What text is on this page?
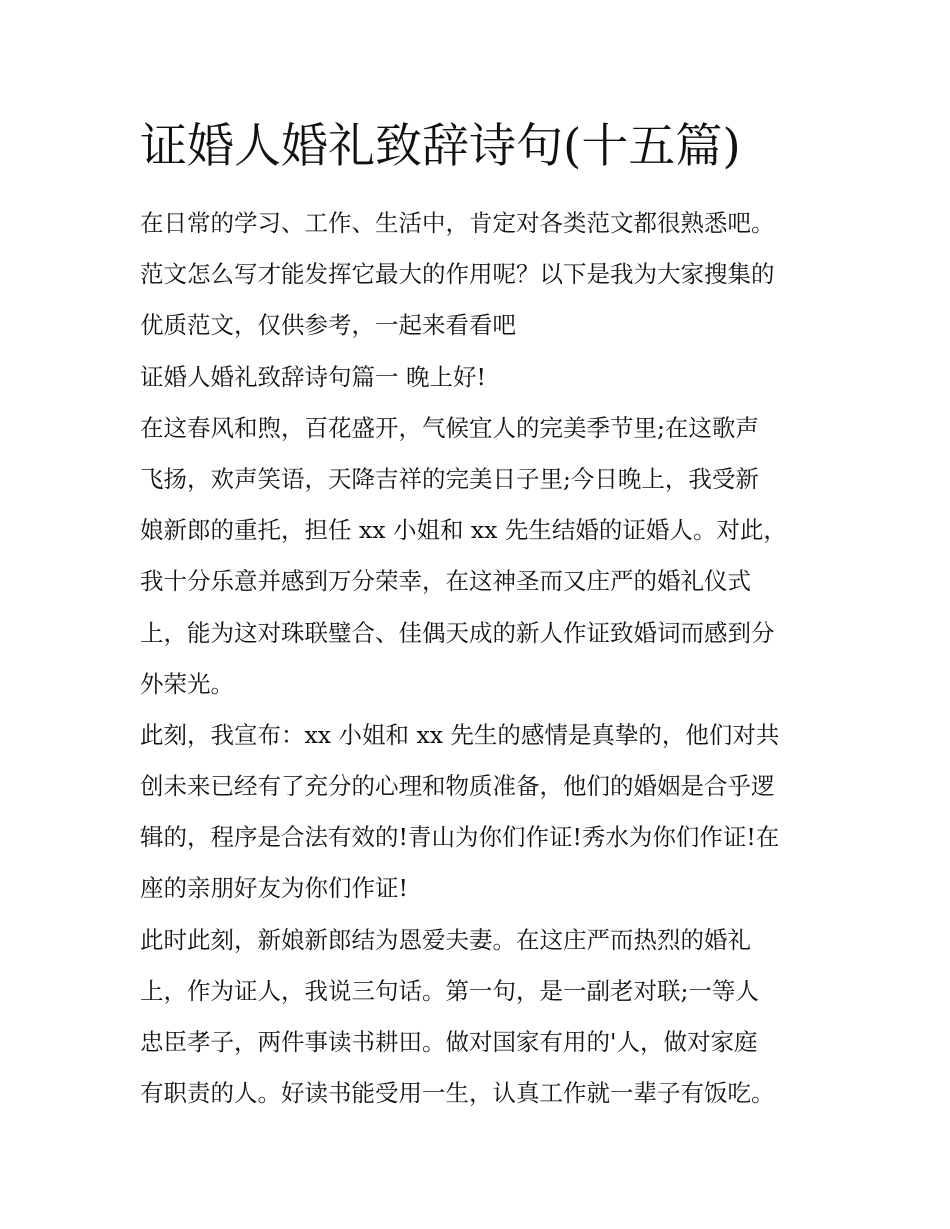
证婚人婚礼致辞诗句(十五篇)
在日常的学习、工作、生活中，肯定对各类范文都很熟悉吧。
范文怎么写才能发挥它最大的作用呢？以下是我为大家搜集的
优质范文，仅供参考，一起来看看吧
证婚人婚礼致辞诗句篇一 晚上好!
在这春风和煦，百花盛开，气候宜人的完美季节里;在这歌声
飞扬，欢声笑语，天降吉祥的完美日子里;今日晚上，我受新
娘新郎的重托，担任 xx 小姐和 xx 先生结婚的证婚人。对此，
我十分乐意并感到万分荣幸，在这神圣而又庄严的婚礼仪式
上，能为这对珠联璧合、佳偶天成的新人作证致婚词而感到分
外荣光。
此刻，我宣布：xx 小姐和 xx 先生的感情是真挚的，他们对共
创未来已经有了充分的心理和物质准备，他们的婚姻是合乎逻
辑的，程序是合法有效的!青山为你们作证!秀水为你们作证!在
座的亲朋好友为你们作证!
此时此刻，新娘新郎结为恩爱夫妻。在这庄严而热烈的婚礼
上，作为证人，我说三句话。第一句，是一副老对联;一等人
忠臣孝子，两件事读书耕田。做对国家有用的'人，做对家庭
有职责的人。好读书能受用一生，认真工作就一辈子有饭吃。
